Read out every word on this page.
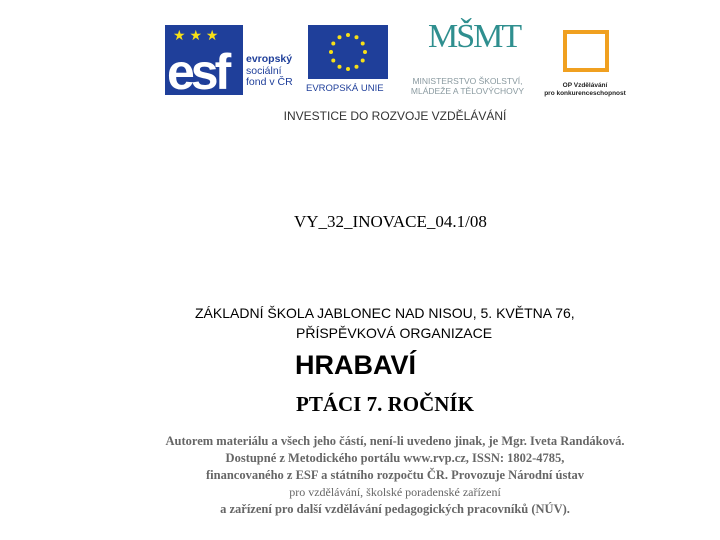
★ ★ ★
esf evropský
sociální
fond v ČR
EVROPSKÁ UNIE
MŠMT
MINISTERSTVO ŠKOLSTVÍ,
MLÁDEŽE A TĚLOVÝCHOVY
OP Vzdělávání
pro konkurenceschopnost
INVESTICE DO ROZVOJE VZDĚLÁVÁNÍ
VY_32_INOVACE_04.1/08
ZÁKLADNÍ ŠKOLA JABLONEC NAD NISOU, 5. KVĚTNA 76,
PŘÍSPĚVKOVÁ ORGANIZACE
HRABAVÍ
PTÁCI 7. ROČNÍK
Autorem materiálu a všech jeho částí, není-li uvedeno jinak, je Mgr. Iveta Randáková.
Dostupné z Metodického portálu www.rvp.cz, ISSN: 1802-4785,
financovaného z ESF a státního rozpočtu ČR. Provozuje Národní ústav
pro vzdělávání, školské poradenské zařízení
a zařízení pro další vzdělávání pedagogických pracovníků (NÚV).
